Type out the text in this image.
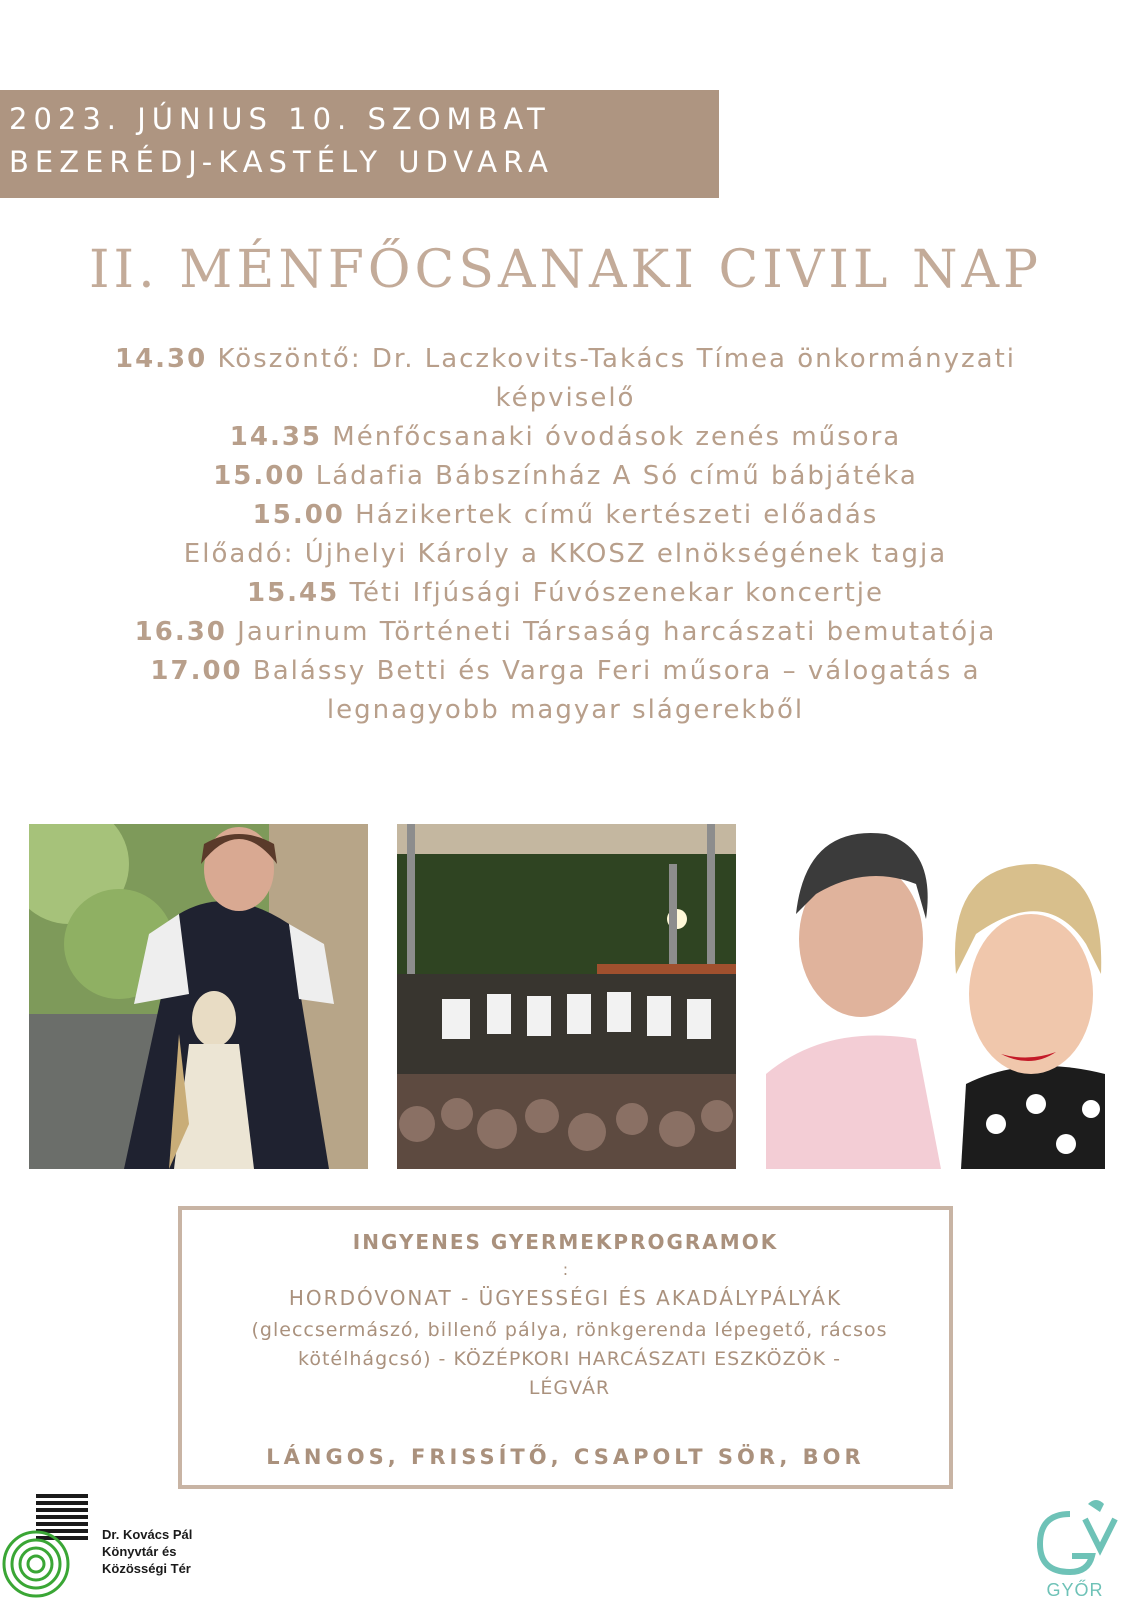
2023. JÚNIUS 10. SZOMBAT
BEZERÉDJ-KASTÉLY UDVARA
II. MÉNFŐCSANAKI CIVIL NAP
14.30 Köszöntő: Dr. Laczkovits-Takács Tímea önkormányzati
képviselő
14.35 Ménfőcsanaki óvodások zenés műsora
15.00 Ládafia Bábszínház A Só című bábjátéka
15.00 Házikertek című kertészeti előadás
Előadó: Újhelyi Károly a KKOSZ elnökségének tagja
15.45 Téti Ifjúsági Fúvószenekar koncertje
16.30 Jaurinum Történeti Társaság harcászati bemutatója
17.00 Balássy Betti és Varga Feri műsora – válogatás a
legnagyobb magyar slágerekből
INGYENES GYERMEKPROGRAMOK
:
HORDÓVONAT - ÜGYESSÉGI ÉS AKADÁLYPÁLYÁK
(gleccsermászó, billenő pálya, rönkgerenda lépegető, rácsos
kötélhágcsó) - KÖZÉPKORI HARCÁSZATI ESZKÖZÖK -
LÉGVÁR
LÁNGOS, FRISSÍTŐ, CSAPOLT SÖR, BOR
Dr. Kovács Pál
Könyvtár és
Közösségi Tér
GYŐR
